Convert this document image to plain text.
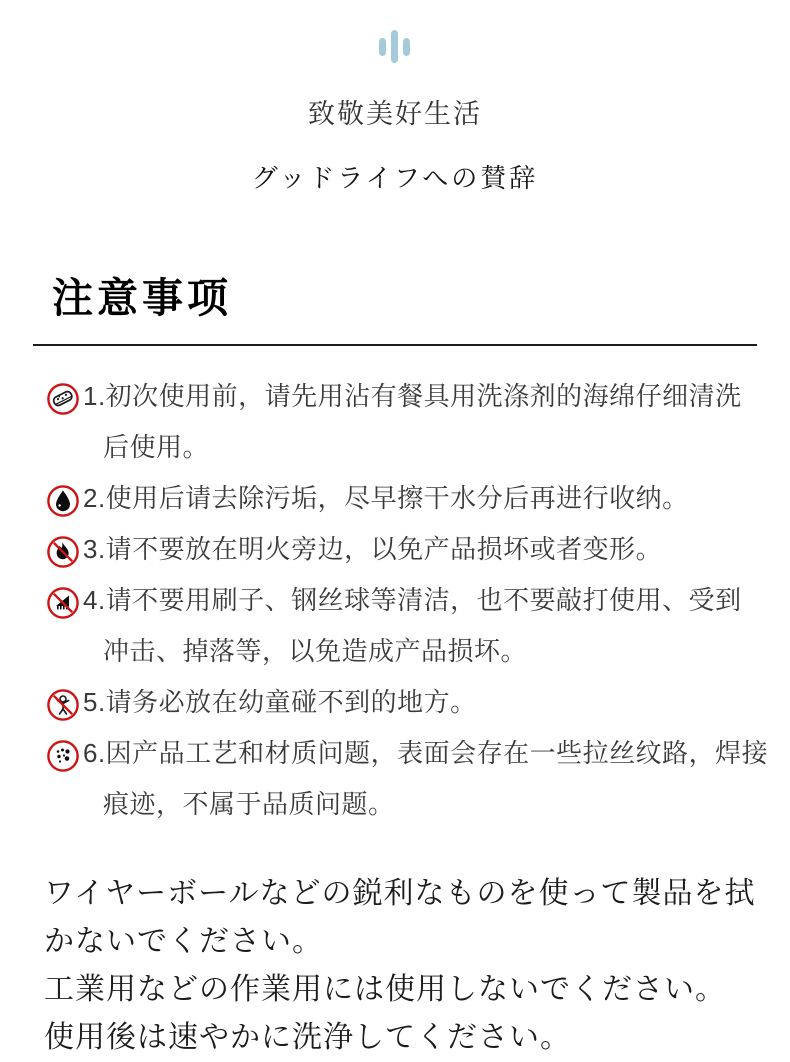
致敬美好生活
グッドライフへの賛辞
注意事项
1.初次使用前，请先用沾有餐具用洗涤剂的海绵仔细清洗
后使用。
2.使用后请去除污垢，尽早擦干水分后再进行收纳。
3.请不要放在明火旁边，以免产品损坏或者变形。
4.请不要用刷子、钢丝球等清洁，也不要敲打使用、受到
冲击、掉落等，以免造成产品损坏。
5.请务必放在幼童碰不到的地方。
6.因产品工艺和材质问题，表面会存在一些拉丝纹路，焊接
痕迹，不属于品质问题。
ワイヤーボールなどの鋭利なものを使って製品を拭
かないでください。
工業用などの作業用には使用しないでください。
使用後は速やかに洗浄してください。
